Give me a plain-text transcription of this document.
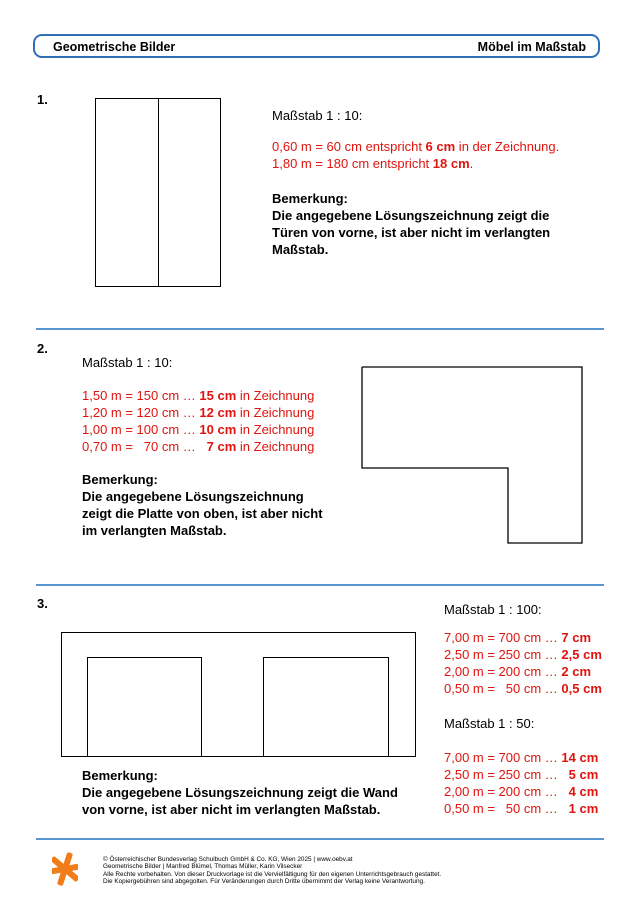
Geometrische Bilder	Möbel im Maßstab
1.
Maßstab 1 : 10:
0,60 m = 60 cm entspricht 6 cm in der Zeichnung.
1,80 m = 180 cm entspricht 18 cm.
Bemerkung:
Die angegebene Lösungszeichnung zeigt die
Türen von vorne, ist aber nicht im verlangten
Maßstab.
2.
Maßstab 1 : 10:
1,50 m = 150 cm … 15 cm in Zeichnung
1,20 m = 120 cm … 12 cm in Zeichnung
1,00 m = 100 cm … 10 cm in Zeichnung
0,70 m =   70 cm …   7 cm in Zeichnung
Bemerkung:
Die angegebene Lösungszeichnung
zeigt die Platte von oben, ist aber nicht
im verlangten Maßstab.
3.
Bemerkung:
Die angegebene Lösungszeichnung zeigt die Wand
von vorne, ist aber nicht im verlangten Maßstab.
Maßstab 1 : 100:
7,00 m = 700 cm … 7 cm
2,50 m = 250 cm … 2,5 cm
2,00 m = 200 cm … 2 cm
0,50 m =   50 cm … 0,5 cm
Maßstab 1 : 50:
7,00 m = 700 cm … 14 cm
2,50 m = 250 cm …   5 cm
2,00 m = 200 cm …   4 cm
0,50 m =   50 cm …   1 cm
© Österreichischer Bundesverlag Schulbuch GmbH & Co. KG, Wien 2025 | www.oebv.at
Geometrische Bilder | Manfred Blümel, Thomas Müller, Karin Vilsecker
Alle Rechte vorbehalten. Von dieser Druckvorlage ist die Vervielfältigung für den eigenen Unterrichtsgebrauch gestattet.
Die Kopiergebühren sind abgegolten. Für Veränderungen durch Dritte übernimmt der Verlag keine Verantwortung.
